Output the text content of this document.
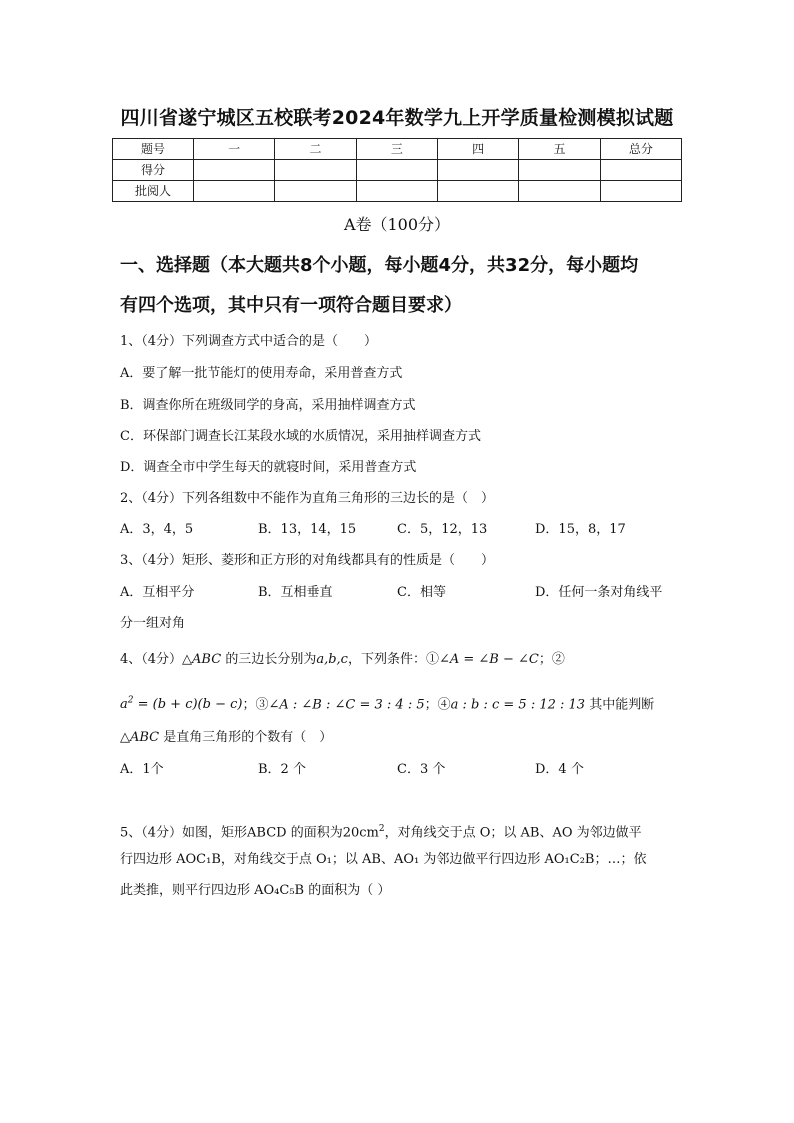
四川省遂宁城区五校联考2024年数学九上开学质量检测模拟试题
题号	一	二	三	四	五	总分
得分						
批阅人						
A卷（100分）
一、选择题（本大题共8个小题，每小题4分，共32分，每小题均
有四个选项，其中只有一项符合题目要求）
1、（4分）下列调查方式中适合的是（　　）
A．要了解一批节能灯的使用寿命，采用普查方式
B．调查你所在班级同学的身高，采用抽样调查方式
C．环保部门调查长江某段水域的水质情况，采用抽样调查方式
D．调查全市中学生每天的就寝时间，采用普查方式
2、（4分）下列各组数中不能作为直角三角形的三边长的是（　）
A．3，4，5	B．13，14，15	C．5，12，13	D．15，8，17
3、（4分）矩形、菱形和正方形的对角线都具有的性质是（　　）
A．互相平分	B．互相垂直	C．相等	D．任何一条对角线平
分一组对角
4、（4分）△ABC 的三边长分别为a,b,c，下列条件：①∠A = ∠B − ∠C；②
$a^2 = (b + c)(b - c)$；③∠A : ∠B : ∠C = 3 : 4 : 5；④a : b : c = 5 : 12 : 13 其中能判断
△ABC 是直角三角形的个数有（　）
A．1个	B．2 个	C．3 个	D．4 个
5、（4分）如图，矩形ABCD 的面积为$20cm^2$，对角线交于点 O；以 AB、AO 为邻边做平
行四边形 AOC₁B，对角线交于点 O₁；以 AB、AO₁ 为邻边做平行四边形 AO₁C₂B；…；依
此类推，则平行四边形 AO₄C₅B 的面积为（ ）
